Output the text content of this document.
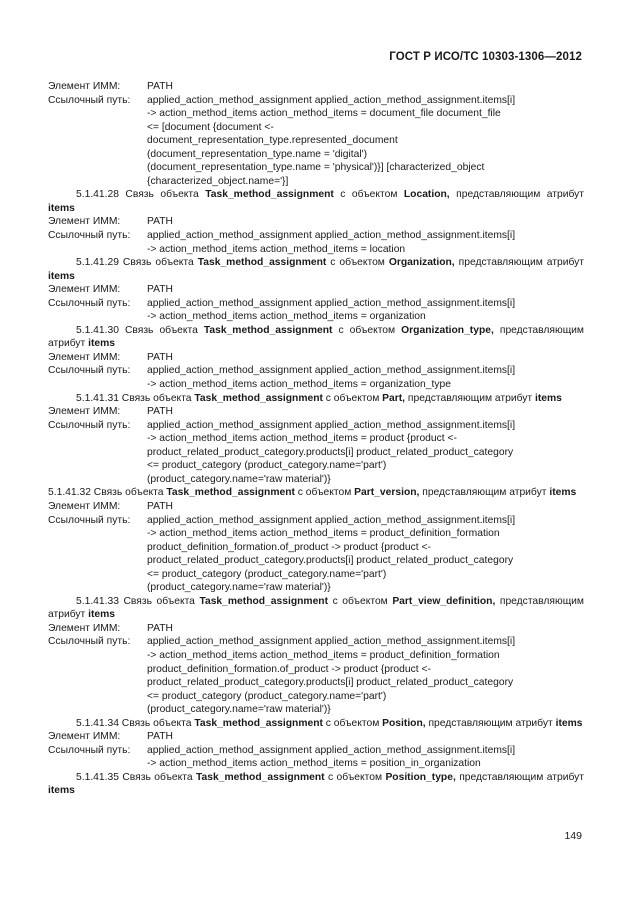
ГОСТ Р ИСО/ТС 10303-1306—2012
Элемент ИММ:	PATH
Ссылочный путь:	applied_action_method_assignment applied_action_method_assignment.items[i]
-> action_method_items action_method_items = document_file document_file
<= [document {document <-
document_representation_type.represented_document
(document_representation_type.name = 'digital')
(document_representation_type.name = 'physical')}] [characterized_object
{characterized_object.name='}]
5.1.41.28 Связь объекта Task_method_assignment с объектом Location, представляющим атрибут items
Элемент ИММ:	PATH
Ссылочный путь:	applied_action_method_assignment applied_action_method_assignment.items[i]
-> action_method_items action_method_items = location
5.1.41.29 Связь объекта Task_method_assignment с объектом Organization, представляющим атрибут items
Элемент ИММ:	PATH
Ссылочный путь:	applied_action_method_assignment applied_action_method_assignment.items[i]
-> action_method_items action_method_items = organization
5.1.41.30 Связь объекта Task_method_assignment с объектом Organization_type, представляющим атрибут items
Элемент ИММ:	PATH
Ссылочный путь:	applied_action_method_assignment applied_action_method_assignment.items[i]
-> action_method_items action_method_items = organization_type
5.1.41.31 Связь объекта Task_method_assignment с объектом Part, представляющим атрибут items
Элемент ИММ:	PATH
Ссылочный путь:	applied_action_method_assignment applied_action_method_assignment.items[i]
-> action_method_items action_method_items = product {product <-
product_related_product_category.products[i] product_related_product_category
<= product_category (product_category.name='part')
(product_category.name='raw material')}
5.1.41.32 Связь объекта Task_method_assignment с объектом Part_version, представляющим атрибут items
Элемент ИММ:	PATH
Ссылочный путь:	applied_action_method_assignment applied_action_method_assignment.items[i]
-> action_method_items action_method_items = product_definition_formation
product_definition_formation.of_product -> product {product <-
product_related_product_category.products[i] product_related_product_category
<= product_category (product_category.name='part')
(product_category.name='raw material')}
5.1.41.33 Связь объекта Task_method_assignment с объектом Part_view_definition, представляющим атрибут items
Элемент ИММ:	PATH
Ссылочный путь:	applied_action_method_assignment applied_action_method_assignment.items[i]
-> action_method_items action_method_items = product_definition_formation
product_definition_formation.of_product -> product {product <-
product_related_product_category.products[i] product_related_product_category
<= product_category (product_category.name='part')
(product_category.name='raw material')}
5.1.41.34 Связь объекта Task_method_assignment с объектом Position, представляющим атрибут items
Элемент ИММ:	PATH
Ссылочный путь:	applied_action_method_assignment applied_action_method_assignment.items[i]
-> action_method_items action_method_items = position_in_organization
5.1.41.35 Связь объекта Task_method_assignment с объектом Position_type, представляющим атрибут items
149
